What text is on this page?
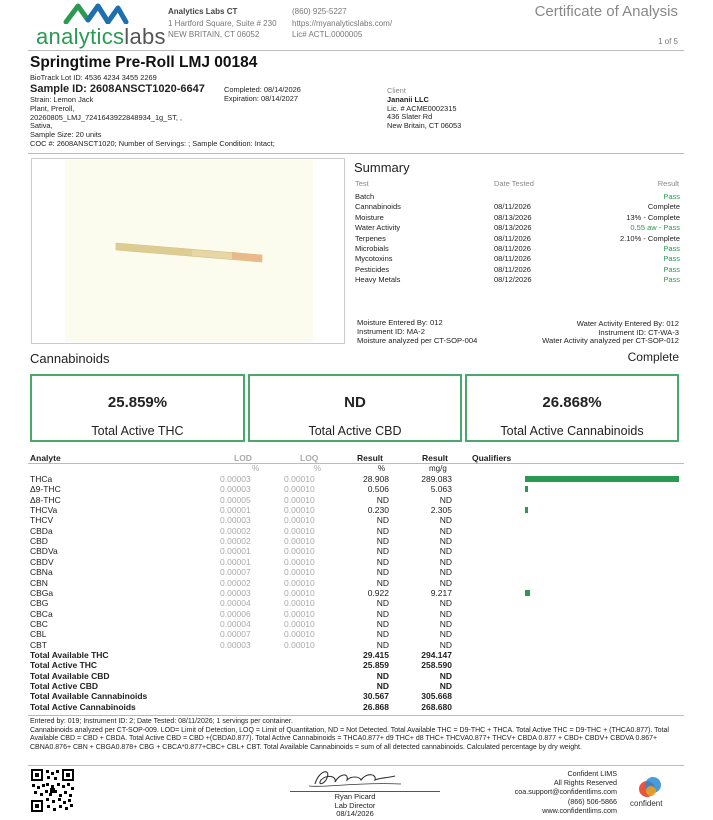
analyticslabs
Analytics Labs CT
1 Hartford Square, Suite # 230
NEW BRITAIN, CT 06052
(860) 925-5227
https://myanalyticslabs.com/
Lic# ACTL.0000005
Certificate of Analysis
1 of 5
Springtime Pre-Roll LMJ 00184
BioTrack Lot ID: 4536 4234 3455 2269
Sample ID: 2608ANSCT1020-6647	Completed: 08/14/2026
Expiration: 08/14/2027
Strain: Lemon Jack
Plant, Preroll,
20260805_LMJ_7241643922848934_1g_ST, ,
Sativa,
Sample Size: 20 units
COC #: 2608ANSCT1020; Number of Servings: ; Sample Condition: Intact;
Client
Jananii LLC
Lic. # ACME0002315
436 Slater Rd
New Britain, CT 06053
Summary
Test	Date Tested	Result
Batch	Pass
Cannabinoids	08/11/2026	Complete
Moisture	08/13/2026	13% - Complete
Water Activity	08/13/2026	0.55 aw - Pass
Terpenes	08/11/2026	2.10% - Complete
Microbials	08/11/2026	Pass
Mycotoxins	08/11/2026	Pass
Pesticides	08/11/2026	Pass
Heavy Metals	08/12/2026	Pass
Moisture Entered By: 012
Instrument ID: MA-2
Moisture analyzed per CT-SOP-004
Water Activity Entered By: 012
Instrument ID: CT-WA-3
Water Activity analyzed per CT-SOP-012
Cannabinoids	Complete
25.859%
Total Active THC
ND
Total Active CBD
26.868%
Total Active Cannabinoids
Analyte	LOD	LOQ	Result	Result	Qualifiers
%	%	%	mg/g
THCa	0.00003	0.00010	28.908	289.083
Δ9-THC	0.00003	0.00010	0.506	5.063
Δ8-THC	0.00005	0.00010	ND	ND
THCVa	0.00001	0.00010	0.230	2.305
THCV	0.00003	0.00010	ND	ND
CBDa	0.00002	0.00010	ND	ND
CBD	0.00002	0.00010	ND	ND
CBDVa	0.00001	0.00010	ND	ND
CBDV	0.00001	0.00010	ND	ND
CBNa	0.00007	0.00010	ND	ND
CBN	0.00002	0.00010	ND	ND
CBGa	0.00003	0.00010	0.922	9.217
CBG	0.00004	0.00010	ND	ND
CBCa	0.00006	0.00010	ND	ND
CBC	0.00004	0.00010	ND	ND
CBL	0.00007	0.00010	ND	ND
CBT	0.00003	0.00010	ND	ND
Total Available THC	29.415	294.147
Total Active THC	25.859	258.590
Total Available CBD	ND	ND
Total Active CBD	ND	ND
Total Available Cannabinoids	30.567	305.668
Total Active Cannabinoids	26.868	268.680
Entered by: 019; Instrument ID: 2; Date Tested: 08/11/2026; 1 servings per container.
Cannabinoids analyzed per CT-SOP-009. LOD= Limit of Detection, LOQ = Limit of Quantitation, ND = Not Detected. Total Available THC = D9-THC + THCA. Total Active THC = D9-THC + (THCA0.877). Total Available CBD = CBD + CBDA. Total Active CBD = CBD +(CBDA0.877). Total Active Cannabinoids = THCA0.877+ d9 THC+ d8 THC+ THCVA0.877+ THCV+ CBDA 0.877 + CBD+ CBDV+ CBDVA 0.867+ CBNA0.876+ CBN + CBGA0.878+ CBG + CBCA*0.877+CBC+ CBL+ CBT. Total Available Cannabinoids = sum of all detected cannabinoids. Calculated percentage by dry weight.
Ryan Picard
Lab Director
08/14/2026
Confident LIMS
All Rights Reserved
coa.support@confidentlims.com
(866) 506-5866
www.confidentlims.com
confident
